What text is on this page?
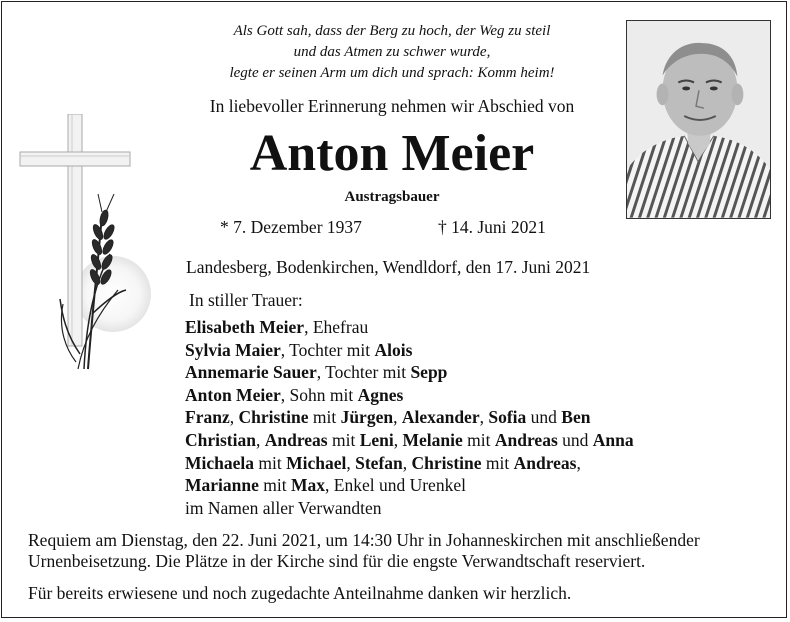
Als Gott sah, dass der Berg zu hoch, der Weg zu steil
und das Atmen zu schwer wurde,
legte er seinen Arm um dich und sprach: Komm heim!
In liebevoller Erinnerung nehmen wir Abschied von
Anton Meier
Austragsbauer
* 7. Dezember 1937	† 14. Juni 2021
Landesberg, Bodenkirchen, Wendldorf, den 17. Juni 2021
In stiller Trauer:
Elisabeth Meier, Ehefrau
Sylvia Maier, Tochter mit Alois
Annemarie Sauer, Tochter mit Sepp
Anton Meier, Sohn mit Agnes
Franz, Christine mit Jürgen, Alexander, Sofia und Ben
Christian, Andreas mit Leni, Melanie mit Andreas und Anna
Michaela mit Michael, Stefan, Christine mit Andreas,
Marianne mit Max, Enkel und Urenkel
im Namen aller Verwandten
Requiem am Dienstag, den 22. Juni 2021, um 14:30 Uhr in Johanneskirchen mit anschließender
Urnenbeisetzung. Die Plätze in der Kirche sind für die engste Verwandtschaft reserviert.
Für bereits erwiesene und noch zugedachte Anteilnahme danken wir herzlich.
